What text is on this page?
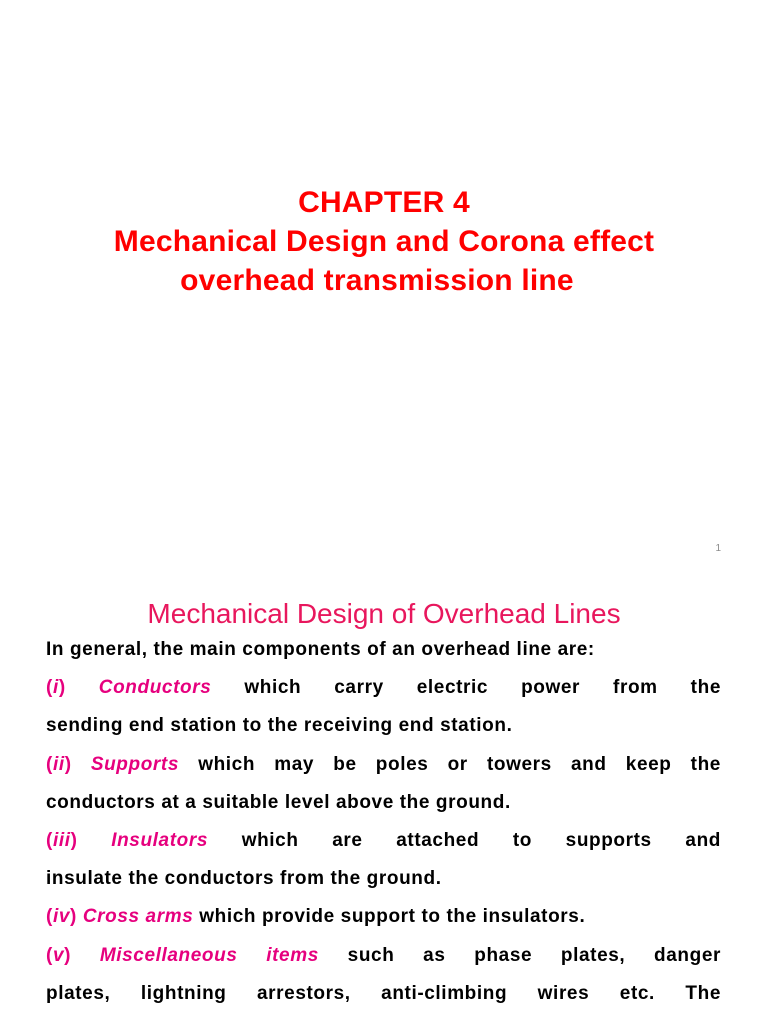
CHAPTER 4
Mechanical Design and Corona effect
overhead transmission line
1
Mechanical Design of Overhead Lines
In general, the main components of an overhead line are:
(i) Conductors which carry electric power from the
sending end station to the receiving end station.
(ii) Supports which may be poles or towers and keep the
conductors at a suitable level above the ground.
(iii) Insulators which are attached to supports and
insulate the conductors from the ground.
(iv) Cross arms which provide support to the insulators.
(v) Miscellaneous items such as phase plates, danger
plates, lightning arrestors, anti-climbing wires etc. The
